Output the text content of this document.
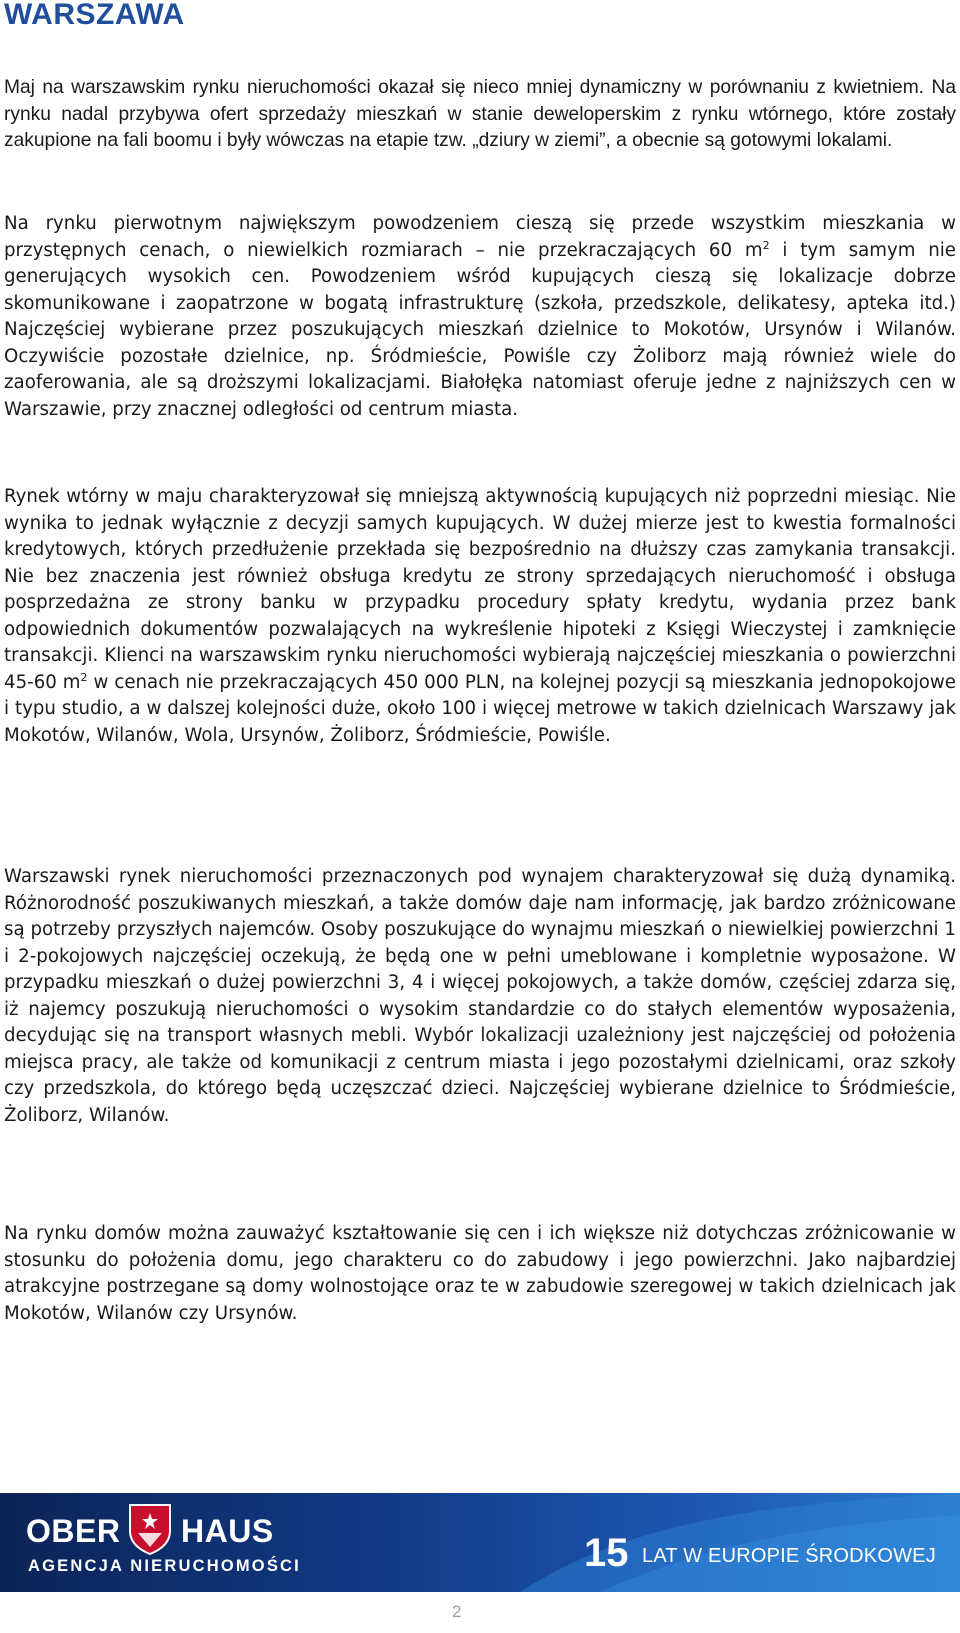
WARSZAWA

Maj na warszawskim rynku nieruchomości okazał się nieco mniej dynamiczny w porównaniu z kwietniem. Na rynku nadal przybywa ofert sprzedaży mieszkań w stanie deweloperskim z rynku wtórnego, które zostały zakupione na fali boomu i były wówczas na etapie tzw. „dziury w ziemi”, a obecnie są gotowymi lokalami.

Na rynku pierwotnym największym powodzeniem cieszą się przede wszystkim mieszkania w przystępnych cenach, o niewielkich rozmiarach – nie przekraczających 60 $m^2$ i tym samym nie generujących wysokich cen. Powodzeniem wśród kupujących cieszą się lokalizacje dobrze skomunikowane i zaopatrzone w bogatą infrastrukturę (szkoła, przedszkole, delikatesy, apteka itd.) Najczęściej wybierane przez poszukujących mieszkań dzielnice to Mokotów, Ursynów i Wilanów. Oczywiście pozostałe dzielnice, np. Śródmieście, Powiśle czy Żoliborz mają również wiele do zaoferowania, ale są droższymi lokalizacjami. Białołęka natomiast oferuje jedne z najniższych cen w Warszawie, przy znacznej odległości od centrum miasta.

Rynek wtórny w maju charakteryzował się mniejszą aktywnością kupujących niż poprzedni miesiąc. Nie wynika to jednak wyłącznie z decyzji samych kupujących. W dużej mierze jest to kwestia formalności kredytowych, których przedłużenie przekłada się bezpośrednio na dłuższy czas zamykania transakcji. Nie bez znaczenia jest również obsługa kredytu ze strony sprzedających nieruchomość i obsługa posprzedażna ze strony banku w przypadku procedury spłaty kredytu, wydania przez bank odpowiednich dokumentów pozwalających na wykreślenie hipoteki z Księgi Wieczystej i zamknięcie transakcji. Klienci na warszawskim rynku nieruchomości wybierają najczęściej mieszkania o powierzchni 45-60 $m^2$ w cenach nie przekraczających 450 000 PLN, na kolejnej pozycji są mieszkania jednopokojowe i typu studio, a w dalszej kolejności duże, około 100 i więcej metrowe w takich dzielnicach Warszawy jak Mokotów, Wilanów, Wola, Ursynów, Żoliborz, Śródmieście, Powiśle.

Warszawski rynek nieruchomości przeznaczonych pod wynajem charakteryzował się dużą dynamiką. Różnorodność poszukiwanych mieszkań, a także domów daje nam informację, jak bardzo zróżnicowane są potrzeby przyszłych najemców. Osoby poszukujące do wynajmu mieszkań o niewielkiej powierzchni 1 i 2-pokojowych najczęściej oczekują, że będą one w pełni umeblowane i kompletnie wyposażone. W przypadku mieszkań o dużej powierzchni 3, 4 i więcej pokojowych, a także domów, częściej zdarza się, iż najemcy poszukują nieruchomości o wysokim standardzie co do stałych elementów wyposażenia, decydując się na transport własnych mebli. Wybór lokalizacji uzależniony jest najczęściej od położenia miejsca pracy, ale także od komunikacji z centrum miasta i jego pozostałymi dzielnicami, oraz szkoły czy przedszkola, do którego będą uczęszczać dzieci. Najczęściej wybierane dzielnice to Śródmieście, Żoliborz, Wilanów.

Na rynku domów można zauważyć kształtowanie się cen i ich większe niż dotychczas zróżnicowanie w stosunku do położenia domu, jego charakteru co do zabudowy i jego powierzchni. Jako najbardziej atrakcyjne postrzegane są domy wolnostojące oraz te w zabudowie szeregowej w takich dzielnicach jak Mokotów, Wilanów czy Ursynów.

OBER HAUS
AGENCJA NIERUCHOMOŚCI	15 LAT W EUROPIE ŚRODKOWEJ
2
